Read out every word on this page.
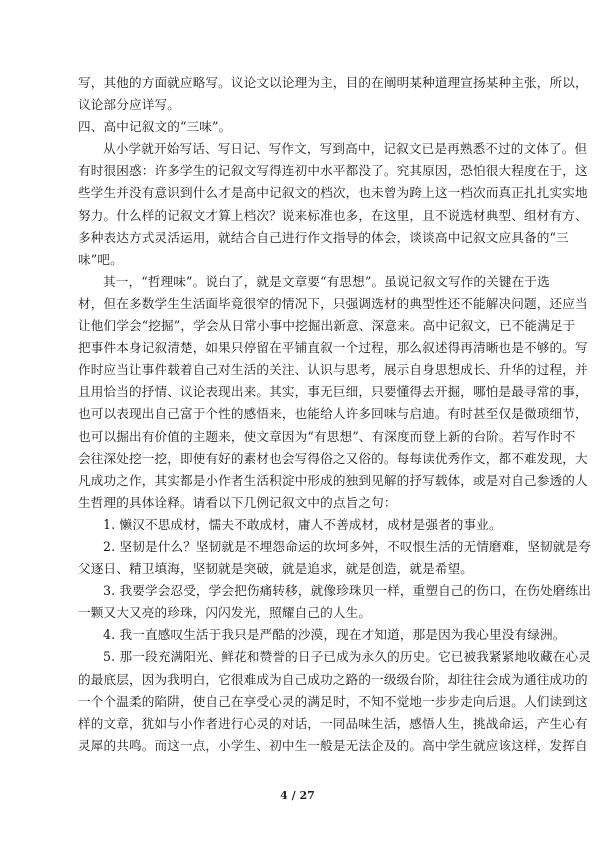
写，其他的方面就应略写。议论文以论理为主，目的在阐明某种道理宣扬某种主张，所以，
议论部分应详写。
四、高中记叙文的“三味”。
从小学就开始写话、写日记、写作文，写到高中，记叙文已是再熟悉不过的文体了。但
有时很困惑：许多学生的记叙文写得连初中水平都没了。究其原因，恐怕很大程度在于，这
些学生并没有意识到什么才是高中记叙文的档次，也未曾为跨上这一档次而真正扎扎实实地
努力。什么样的记叙文才算上档次？说来标准也多，在这里，且不说选材典型、组材有方、
多种表达方式灵活运用，就结合自己进行作文指导的体会，谈谈高中记叙文应具备的“三
味”吧。
其一，“哲理味”。说白了，就是文章要“有思想”。虽说记叙文写作的关键在于选
材，但在多数学生生活面毕竟很窄的情况下，只强调选材的典型性还不能解决问题，还应当
让他们学会“挖掘”，学会从日常小事中挖掘出新意、深意来。高中记叙文，已不能满足于
把事件本身记叙清楚，如果只停留在平铺直叙一个过程，那么叙述得再清晰也是不够的。写
作时应当让事件载着自己对生活的关注、认识与思考，展示自身思想成长、升华的过程，并
且用恰当的抒情、议论表现出来。其实，事无巨细，只要懂得去开掘，哪怕是最寻常的事，
也可以表现出自己富于个性的感悟来，也能给人许多回味与启迪。有时甚至仅是微琐细节，
也可以掘出有价值的主题来，使文章因为“有思想”、有深度而登上新的台阶。若写作时不
会往深处挖一挖，即使有好的素材也会写得俗之又俗的。每每读优秀作文，都不难发现，大
凡成功之作，其实都是小作者生活积淀中形成的独到见解的抒写载体，或是对自己参透的人
生哲理的具体诠释。请看以下几例记叙文中的点旨之句：
1. 懒汉不思成材，懦夫不敢成材，庸人不善成材，成材是强者的事业。
2. 坚韧是什么？坚韧就是不埋怨命运的坎坷多舛，不叹恨生活的无情磨难，坚韧就是夸
父逐日、精卫填海，坚韧就是突破，就是追求，就是创造，就是希望。
3. 我要学会忍受，学会把伤痛转移，就像珍珠贝一样，重塑自己的伤口，在伤处磨练出
一颗又大又亮的珍珠，闪闪发光，照耀自己的人生。
4. 我一直感叹生活于我只是严酷的沙漠，现在才知道，那是因为我心里没有绿洲。
5. 那一段充满阳光、鲜花和赞誉的日子已成为永久的历史。它已被我紧紧地收藏在心灵
的最底层，因为我明白，它很难成为自己成功之路的一级级台阶，却往往会成为通往成功的
一个个温柔的陷阱，使自己在享受心灵的满足时，不知不觉地一步步走向后退。人们读到这
样的文章，犹如与小作者进行心灵的对话，一同品味生活，感悟人生，挑战命运，产生心有
灵犀的共鸣。而这一点，小学生、初中生一般是无法企及的。高中学生就应该这样，发挥自
4 / 27
